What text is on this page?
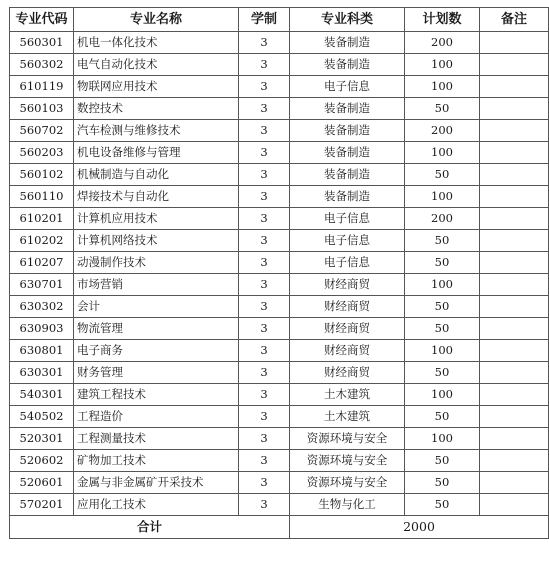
专业代码	专业名称	学制	专业科类	计划数	备注
560301	机电一体化技术	3	装备制造	200	
560302	电气自动化技术	3	装备制造	100	
610119	物联网应用技术	3	电子信息	100	
560103	数控技术	3	装备制造	50	
560702	汽车检测与维修技术	3	装备制造	200	
560203	机电设备维修与管理	3	装备制造	100	
560102	机械制造与自动化	3	装备制造	50	
560110	焊接技术与自动化	3	装备制造	100	
610201	计算机应用技术	3	电子信息	200	
610202	计算机网络技术	3	电子信息	50	
610207	动漫制作技术	3	电子信息	50	
630701	市场营销	3	财经商贸	100	
630302	会计	3	财经商贸	50	
630903	物流管理	3	财经商贸	50	
630801	电子商务	3	财经商贸	100	
630301	财务管理	3	财经商贸	50	
540301	建筑工程技术	3	土木建筑	100	
540502	工程造价	3	土木建筑	50	
520301	工程测量技术	3	资源环境与安全	100	
520602	矿物加工技术	3	资源环境与安全	50	
520601	金属与非金属矿开采技术	3	资源环境与安全	50	
570201	应用化工技术	3	生物与化工	50	
合计			2000		
